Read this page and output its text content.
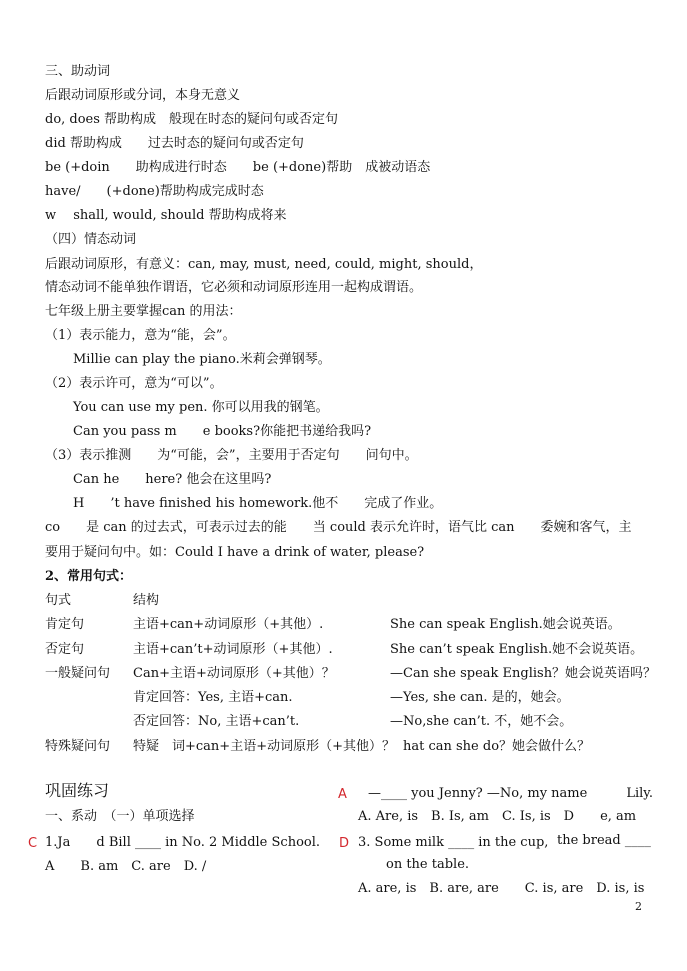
三、助动词
后跟动词原形或分词，本身无意义
do, does 帮助构成　般现在时态的疑问句或否定句
did 帮助构成　　过去时态的疑问句或否定句
be (+doin　　助构成进行时态　　be (+done)帮助　成被动语态
have/　　(+done)帮助构成完成时态
w　 shall, would, should 帮助构成将来
（四）情态动词
后跟动词原形，有意义：can, may, must, need, could, might, should，
情态动词不能单独作谓语，它必须和动词原形连用一起构成谓语。
七年级上册主要掌握can 的用法：
（1）表示能力，意为“能，会”。
Millie can play the piano.米莉会弹钢琴。
（2）表示许可，意为“可以”。
You can use my pen. 你可以用我的钢笔。
Can you pass m　　e books?你能把书递给我吗?
（3）表示推测　　为“可能，会”，主要用于否定句　　问句中。
Can he　　here? 他会在这里吗?
H　　’t have finished his homework.他不　　完成了作业。
co　　是 can 的过去式，可表示过去的能　　当 could 表示允许时，语气比 can　　委婉和客气，主
要用于疑问句中。如：Could I have a drink of water, please?
2、常用句式：
句式	结构
肯定句	主语+can+动词原形（+其他）.	She can speak English.她会说英语。
否定句	主语+can’t+动词原形（+其他）.	She can’t speak English.她不会说英语。
一般疑问句 Can+主语+动词原形（+其他）？	—Can she speak English？她会说英语吗？
肯定回答：Yes, 主语+can.	—Yes, she can. 是的，她会。
否定回答：No, 主语+can’t.	—No,she can’t. 不，她不会。
特殊疑问句 特疑　词+can+主语+动词原形（+其他）？ hat can she do？她会做什么？
巩固练习
一、系动　（一）单项选择
C 1.Ja　　d Bill ____ in No. 2 Middle School.
A　　B. am　C. are　D. /
A —____ you Jenny? —No, my name　　　Lily.
A. Are, is　B. Is, am　C. Is, is　D　　e, am
D 3. Some milk ____ in the cup, the bread ____
on the table.
A. are, is　B. are, are　　C. is, are　D. is, is
2
